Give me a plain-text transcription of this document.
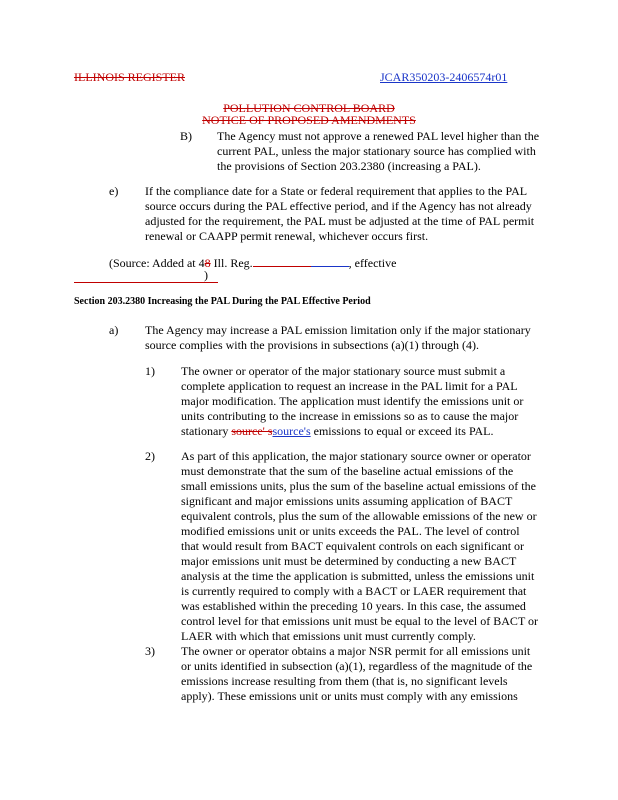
ILLINOIS REGISTER	JCAR350203-2406574r01
POLLUTION CONTROL BOARD
NOTICE OF PROPOSED AMENDMENTS
B) The Agency must not approve a renewed PAL level higher than the
current PAL, unless the major stationary source has complied with
the provisions of Section 203.2380 (increasing a PAL).
e) If the compliance date for a State or federal requirement that applies to the PAL
source occurs during the PAL effective period, and if the Agency has not already
adjusted for the requirement, the PAL must be adjusted at the time of PAL permit
renewal or CAAPP permit renewal, whichever occurs first.
(Source: Added at 48 Ill. Reg.	, effective
)
Section 203.2380 Increasing the PAL During the PAL Effective Period
a) The Agency may increase a PAL emission limitation only if the major stationary
source complies with the provisions in subsections (a)(1) through (4).
1) The owner or operator of the major stationary source must submit a
complete application to request an increase in the PAL limit for a PAL
major modification. The application must identify the emissions unit or
units contributing to the increase in emissions so as to cause the major
stationary source' ssource's emissions to equal or exceed its PAL.
2) As part of this application, the major stationary source owner or operator
must demonstrate that the sum of the baseline actual emissions of the
small emissions units, plus the sum of the baseline actual emissions of the
significant and major emissions units assuming application of BACT
equivalent controls, plus the sum of the allowable emissions of the new or
modified emissions unit or units exceeds the PAL. The level of control
that would result from BACT equivalent controls on each significant or
major emissions unit must be determined by conducting a new BACT
analysis at the time the application is submitted, unless the emissions unit
is currently required to comply with a BACT or LAER requirement that
was established within the preceding 10 years. In this case, the assumed
control level for that emissions unit must be equal to the level of BACT or
LAER with which that emissions unit must currently comply.
3) The owner or operator obtains a major NSR permit for all emissions unit
or units identified in subsection (a)(1), regardless of the magnitude of the
emissions increase resulting from them (that is, no significant levels
apply). These emissions unit or units must comply with any emissions
